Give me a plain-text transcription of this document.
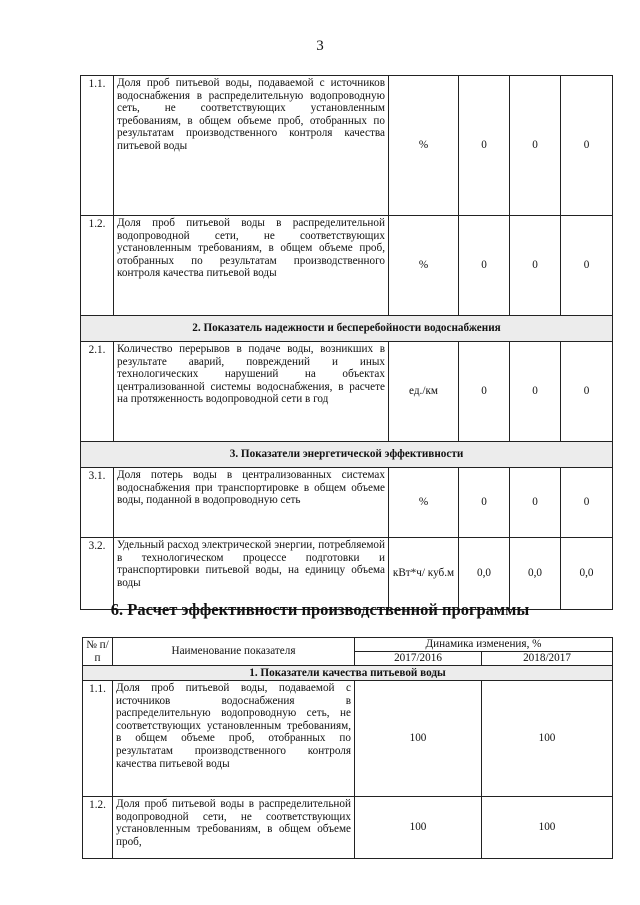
3
1.1.	Доля проб питьевой воды, подаваемой с источников водоснабжения в распределительную водопроводную сеть, не соответствующих установленным требованиям, в общем объеме проб, отобранных по результатам производственного контроля качества питьевой воды	%	0	0	0
1.2.	Доля проб питьевой воды в распределительной водопроводной сети, не соответствующих установленным требованиям, в общем объеме проб, отобранных по результатам производственного контроля качества питьевой воды	%	0	0	0
2. Показатель надежности и бесперебойности водоснабжения					
2.1.	Количество перерывов в подаче воды, возникших в результате аварий, повреждений и иных технологических нарушений на объектах централизованной системы водоснабжения, в расчете на протяженность водопроводной сети в год	ед./км	0	0	0
3. Показатели энергетической эффективности					
3.1.	Доля потерь воды в централизованных системах водоснабжения при транспортировке в общем объеме воды, поданной в водопроводную сеть	%	0	0	0
3.2.	Удельный расход электрической энергии, потребляемой в технологическом процессе подготовки и транспортировки питьевой воды, на единицу объема воды	кВт*ч/ куб.м	0,0	0,0	0,0
6. Расчет эффективности производственной программы
№ п/п	Наименование показателя	Динамика изменения, %	
		2017/2016	2018/2017
1. Показатели качества питьевой воды			
1.1.	Доля проб питьевой воды, подаваемой с источников водоснабжения в распределительную водопроводную сеть, не соответствующих установленным требованиям, в общем объеме проб, отобранных по результатам производственного контроля качества питьевой воды	100	100
1.2.	Доля проб питьевой воды в распределительной водопроводной сети, не соответствующих установленным требованиям, в общем объеме проб,	100	100
